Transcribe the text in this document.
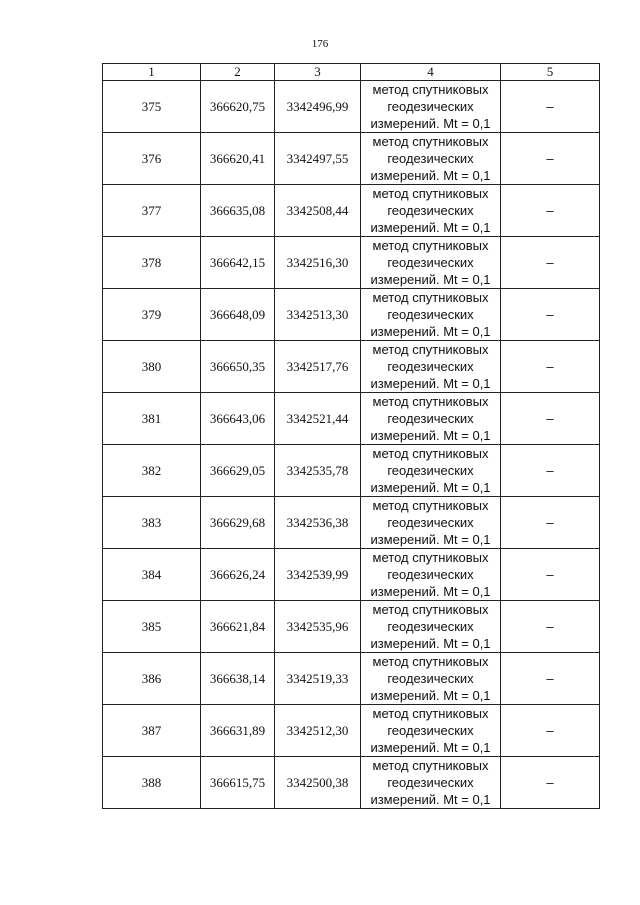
176
1	2	3	4	5
375	366620,75	3342496,99	метод спутниковых
геодезических
измерений. Mt = 0,1	–
376	366620,41	3342497,55	метод спутниковых
геодезических
измерений. Mt = 0,1	–
377	366635,08	3342508,44	метод спутниковых
геодезических
измерений. Mt = 0,1	–
378	366642,15	3342516,30	метод спутниковых
геодезических
измерений. Mt = 0,1	–
379	366648,09	3342513,30	метод спутниковых
геодезических
измерений. Mt = 0,1	–
380	366650,35	3342517,76	метод спутниковых
геодезических
измерений. Mt = 0,1	–
381	366643,06	3342521,44	метод спутниковых
геодезических
измерений. Mt = 0,1	–
382	366629,05	3342535,78	метод спутниковых
геодезических
измерений. Mt = 0,1	–
383	366629,68	3342536,38	метод спутниковых
геодезических
измерений. Mt = 0,1	–
384	366626,24	3342539,99	метод спутниковых
геодезических
измерений. Mt = 0,1	–
385	366621,84	3342535,96	метод спутниковых
геодезических
измерений. Mt = 0,1	–
386	366638,14	3342519,33	метод спутниковых
геодезических
измерений. Mt = 0,1	–
387	366631,89	3342512,30	метод спутниковых
геодезических
измерений. Mt = 0,1	–
388	366615,75	3342500,38	метод спутниковых
геодезических
измерений. Mt = 0,1	–
